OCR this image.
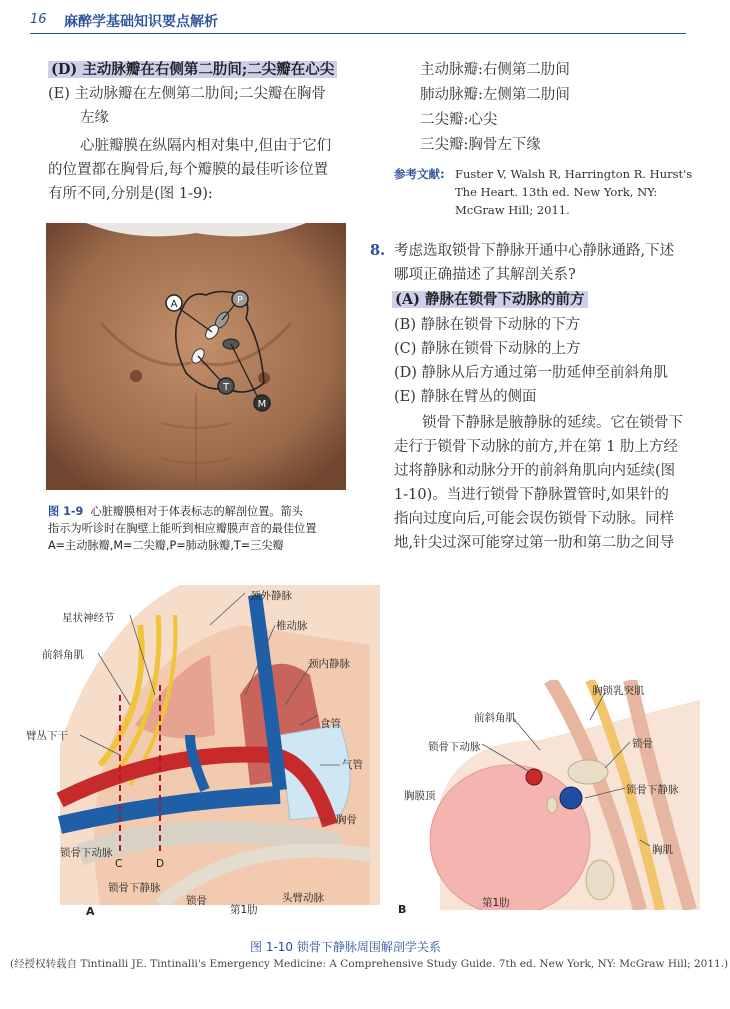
16 麻醉学基础知识要点解析
(D) 主动脉瓣在右侧第二肋间;二尖瓣在心尖
(E) 主动脉瓣在左侧第二肋间;二尖瓣在胸骨
左缘
心脏瓣膜在纵隔内相对集中,但由于它们
的位置都在胸骨后,每个瓣膜的最佳听诊位置
有所不同,分别是(图 1-9):
主动脉瓣:右侧第二肋间
肺动脉瓣:左侧第二肋间
二尖瓣:心尖
三尖瓣:胸骨左下缘
参考文献: Fuster V, Walsh R, Harrington R. Hurst's
The Heart. 13th ed. New York, NY:
McGraw Hill; 2011.
8. 考虑选取锁骨下静脉开通中心静脉通路,下述
哪项正确描述了其解剖关系?
(A) 静脉在锁骨下动脉的前方
(B) 静脉在锁骨下动脉的下方
(C) 静脉在锁骨下动脉的上方
(D) 静脉从后方通过第一肋延伸至前斜角肌
(E) 静脉在臂丛的侧面
锁骨下静脉是腋静脉的延续。它在锁骨下
走行于锁骨下动脉的前方,并在第 1 肋上方经
过将静脉和动脉分开的前斜角肌向内延续(图
1-10)。当进行锁骨下静脉置管时,如果针的
指向过度向后,可能会误伤锁骨下动脉。同样
地,针尖过深可能穿过第一肋和第二肋之间导
A	P
T
M
图 1-9 心脏瓣膜相对于体表标志的解剖位置。箭头
指示为听诊时在胸壁上能听到相应瓣膜声音的最佳位置
A=主动脉瓣,M=二尖瓣,P=肺动脉瓣,T=三尖瓣
颈外静脉
星状神经节
椎动脉
前斜角肌
颈内静脉
食管
臂丛下干
气管
胸骨
锁骨下动脉
C	D
锁骨下静脉
锁骨
第1肋
头臂动脉
A
胸锁乳突肌
前斜角肌
锁骨
锁骨下动脉
锁骨下静脉
胸膜顶
胸肌
第1肋
B
图 1-10 锁骨下静脉周围解剖学关系
(经授权转载自 Tintinalli JE. Tintinalli's Emergency Medicine: A Comprehensive Study Guide. 7th ed. New York, NY: McGraw Hill; 2011.)
